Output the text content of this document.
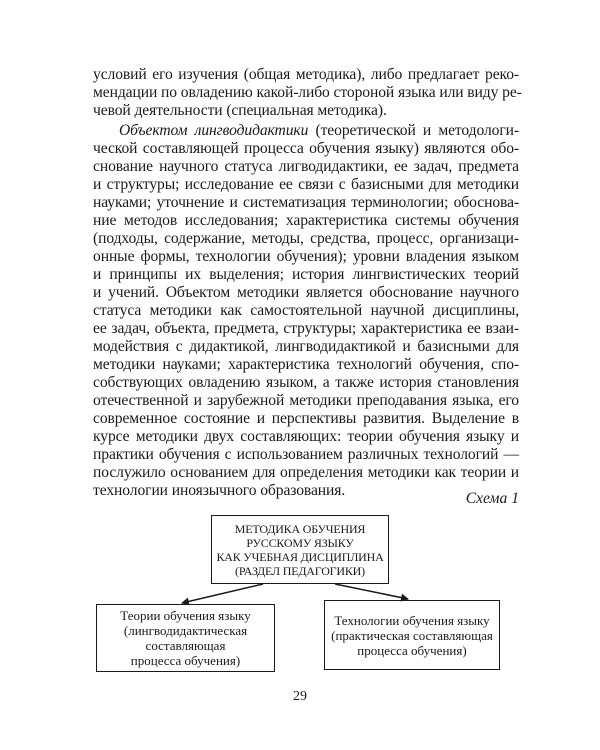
условий его изучения (общая методика), либо предлагает реко-
мендации по овладению какой-либо стороной языка или виду ре-
чевой деятельности (специальная методика).
Объектом лингводидактики (теоретической и методологи-
ческой составляющей процесса обучения языку) являются обо-
снование научного статуса лигводидактики, ее задач, предмета
и структуры; исследование ее связи с базисными для методики
науками; уточнение и систематизация терминологии; обоснова-
ние методов исследования; характеристика системы обучения
(подходы, содержание, методы, средства, процесс, организаци-
онные формы, технологии обучения); уровни владения языком
и принципы их выделения; история лингвистических теорий
и учений. Объектом методики является обоснование научного
статуса методики как самостоятельной научной дисциплины,
ее задач, объекта, предмета, структуры; характеристика ее взаи-
модействия с дидактикой, лингводидактикой и базисными для
методики науками; характеристика технологий обучения, спо-
собствующих овладению языком, а также история становления
отечественной и зарубежной методики преподавания языка, его
современное состояние и перспективы развития. Выделение в
курсе методики двух составляющих: теории обучения языку и
практики обучения с использованием различных технологий —
послужило основанием для определения методики как теории и
технологии иноязычного образования.	Схема 1
МЕТОДИКА ОБУЧЕНИЯ
РУССКОМУ ЯЗЫКУ
КАК УЧЕБНАЯ ДИСЦИПЛИНА
(РАЗДЕЛ ПЕДАГОГИКИ)
Теории обучения языку
(лингводидактическая
составляющая
процесса обучения)
Технологии обучения языку
(практическая составляющая
процесса обучения)
29
